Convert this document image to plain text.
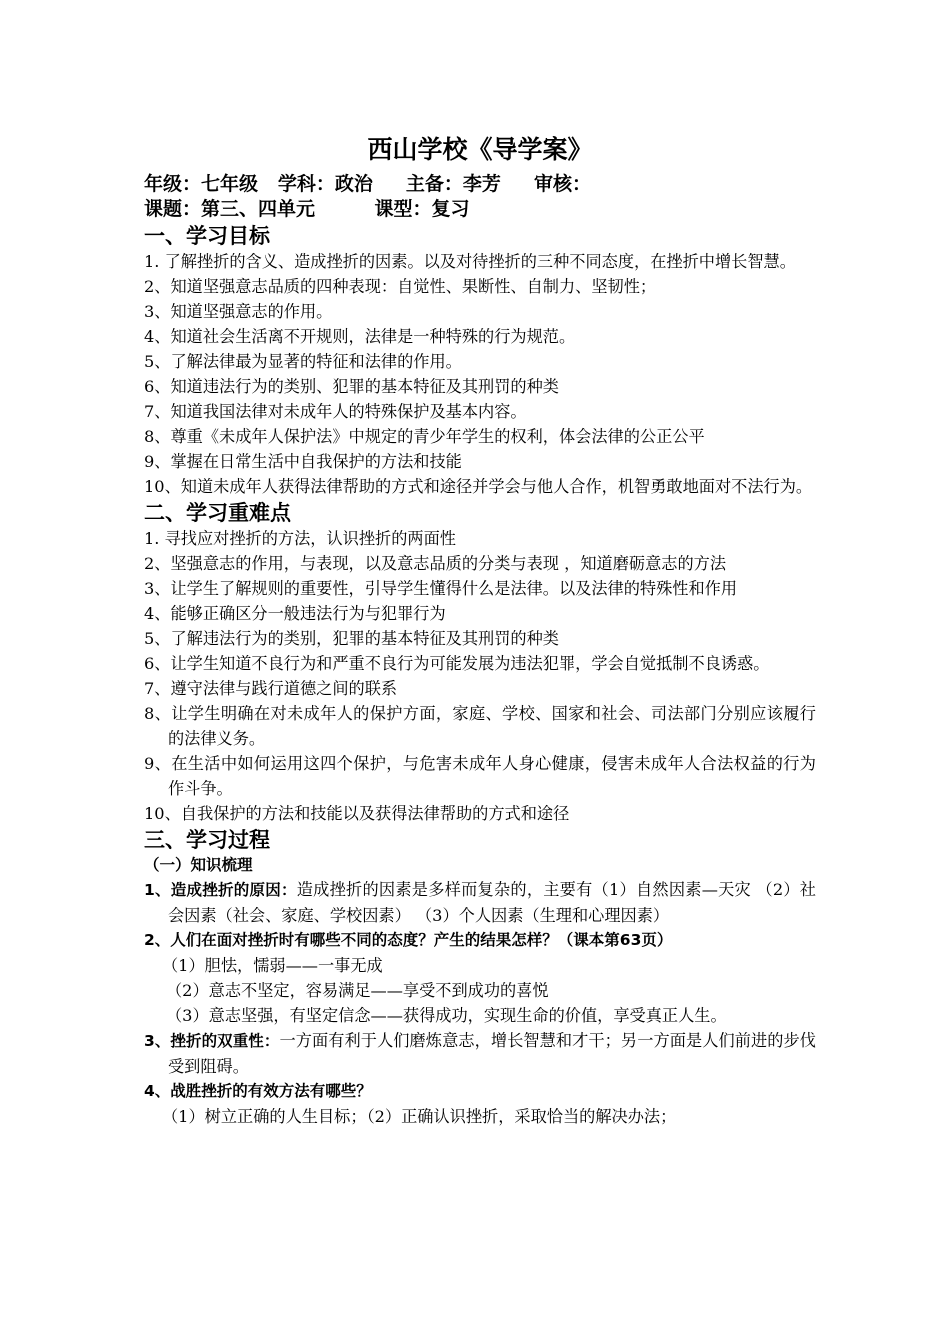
西山学校《导学案》
年级：七年级   学科：政治     主备：李芳     审核：
课题：第三、四单元         课型：复习
一、学习目标
1. 了解挫折的含义、造成挫折的因素。以及对待挫折的三种不同态度，在挫折中增长智慧。
2、知道坚强意志品质的四种表现：自觉性、果断性、自制力、坚韧性；
3、知道坚强意志的作用。
4、知道社会生活离不开规则，法律是一种特殊的行为规范。
5、了解法律最为显著的特征和法律的作用。
6、知道违法行为的类别、犯罪的基本特征及其刑罚的种类
7、知道我国法律对未成年人的特殊保护及基本内容。
8、尊重《未成年人保护法》中规定的青少年学生的权利，体会法律的公正公平
9、掌握在日常生活中自我保护的方法和技能
10、知道未成年人获得法律帮助的方式和途径并学会与他人合作，机智勇敢地面对不法行为。
二、学习重难点
1. 寻找应对挫折的方法，认识挫折的两面性
2、坚强意志的作用，与表现，以及意志品质的分类与表现 ，知道磨砺意志的方法
3、让学生了解规则的重要性，引导学生懂得什么是法律。以及法律的特殊性和作用
4、能够正确区分一般违法行为与犯罪行为
5、了解违法行为的类别，犯罪的基本特征及其刑罚的种类
6、让学生知道不良行为和严重不良行为可能发展为违法犯罪，学会自觉抵制不良诱惑。
7、遵守法律与践行道德之间的联系
8、让学生明确在对未成年人的保护方面，家庭、学校、国家和社会、司法部门分别应该履行的法律义务。
9、在生活中如何运用这四个保护，与危害未成年人身心健康，侵害未成年人合法权益的行为作斗争。
10、自我保护的方法和技能以及获得法律帮助的方式和途径
三、学习过程
（一）知识梳理
1、造成挫折的原因：造成挫折的因素是多样而复杂的，主要有（1）自然因素—天灾 （2）社会因素（社会、家庭、学校因素） （3）个人因素（生理和心理因素）
2、人们在面对挫折时有哪些不同的态度？产生的结果怎样？（课本第63页）
（1）胆怯，懦弱——一事无成
（2）意志不坚定，容易满足——享受不到成功的喜悦
（3）意志坚强，有坚定信念——获得成功，实现生命的价值，享受真正人生。
3、挫折的双重性：一方面有利于人们磨炼意志，增长智慧和才干；另一方面是人们前进的步伐受到阻碍。
4、战胜挫折的有效方法有哪些？
（1）树立正确的人生目标；（2）正确认识挫折，采取恰当的解决办法；
